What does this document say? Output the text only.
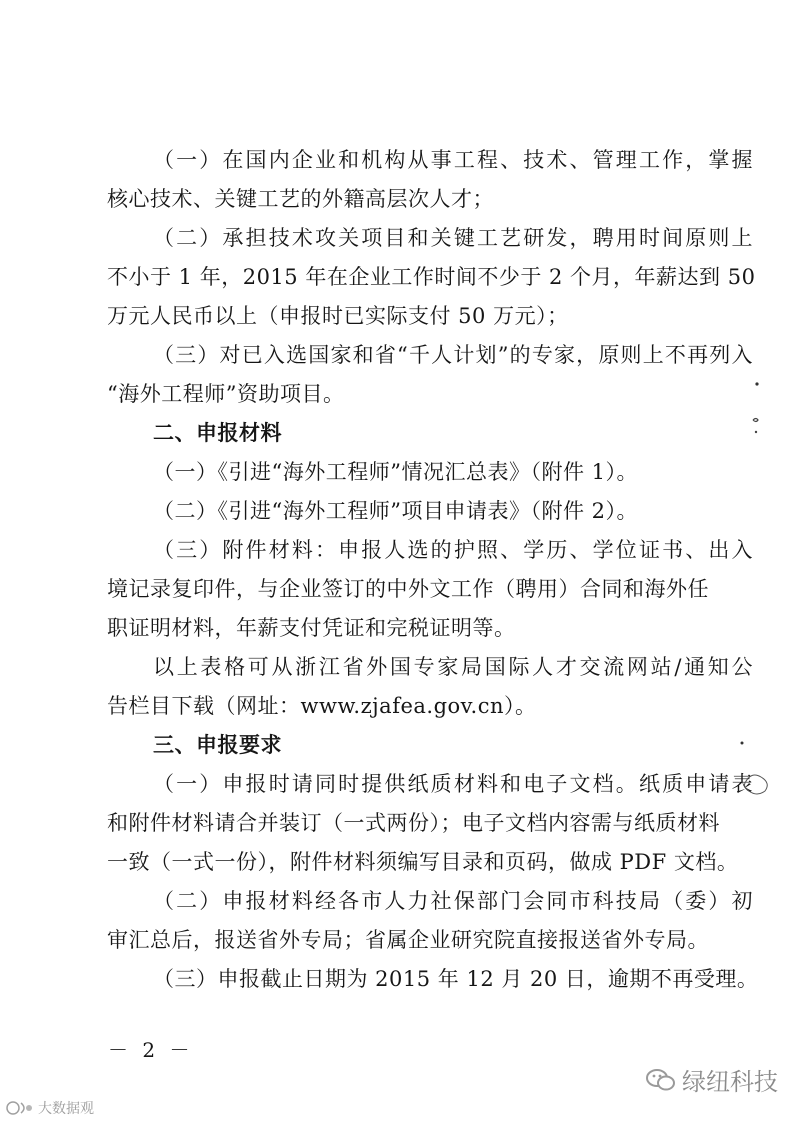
（一）在国内企业和机构从事工程、技术、管理工作，掌握
核心技术、关键工艺的外籍高层次人才；
（二）承担技术攻关项目和关键工艺研发，聘用时间原则上
不小于 1 年，2015 年在企业工作时间不少于 2 个月，年薪达到 50
万元人民币以上（申报时已实际支付 50 万元）；
（三）对已入选国家和省“千人计划”的专家，原则上不再列入
“海外工程师”资助项目。
二、申报材料
（一）《引进“海外工程师”情况汇总表》（附件 1）。
（二）《引进“海外工程师”项目申请表》（附件 2）。
（三）附件材料：申报人选的护照、学历、学位证书、出入
境记录复印件，与企业签订的中外文工作（聘用）合同和海外任
职证明材料，年薪支付凭证和完税证明等。
以上表格可从浙江省外国专家局国际人才交流网站/通知公
告栏目下载（网址：www.zjafea.gov.cn）。
三、申报要求
（一）申报时请同时提供纸质材料和电子文档。纸质申请表
和附件材料请合并装订（一式两份）；电子文档内容需与纸质材料
一致（一式一份），附件材料须编写目录和页码，做成 PDF 文档。
（二）申报材料经各市人力社保部门会同市科技局（委）初
审汇总后，报送省外专局；省属企业研究院直接报送省外专局。
（三）申报截止日期为 2015 年 12 月 20 日，逾期不再受理。
－ 2 －
绿纽科技
大数据观
